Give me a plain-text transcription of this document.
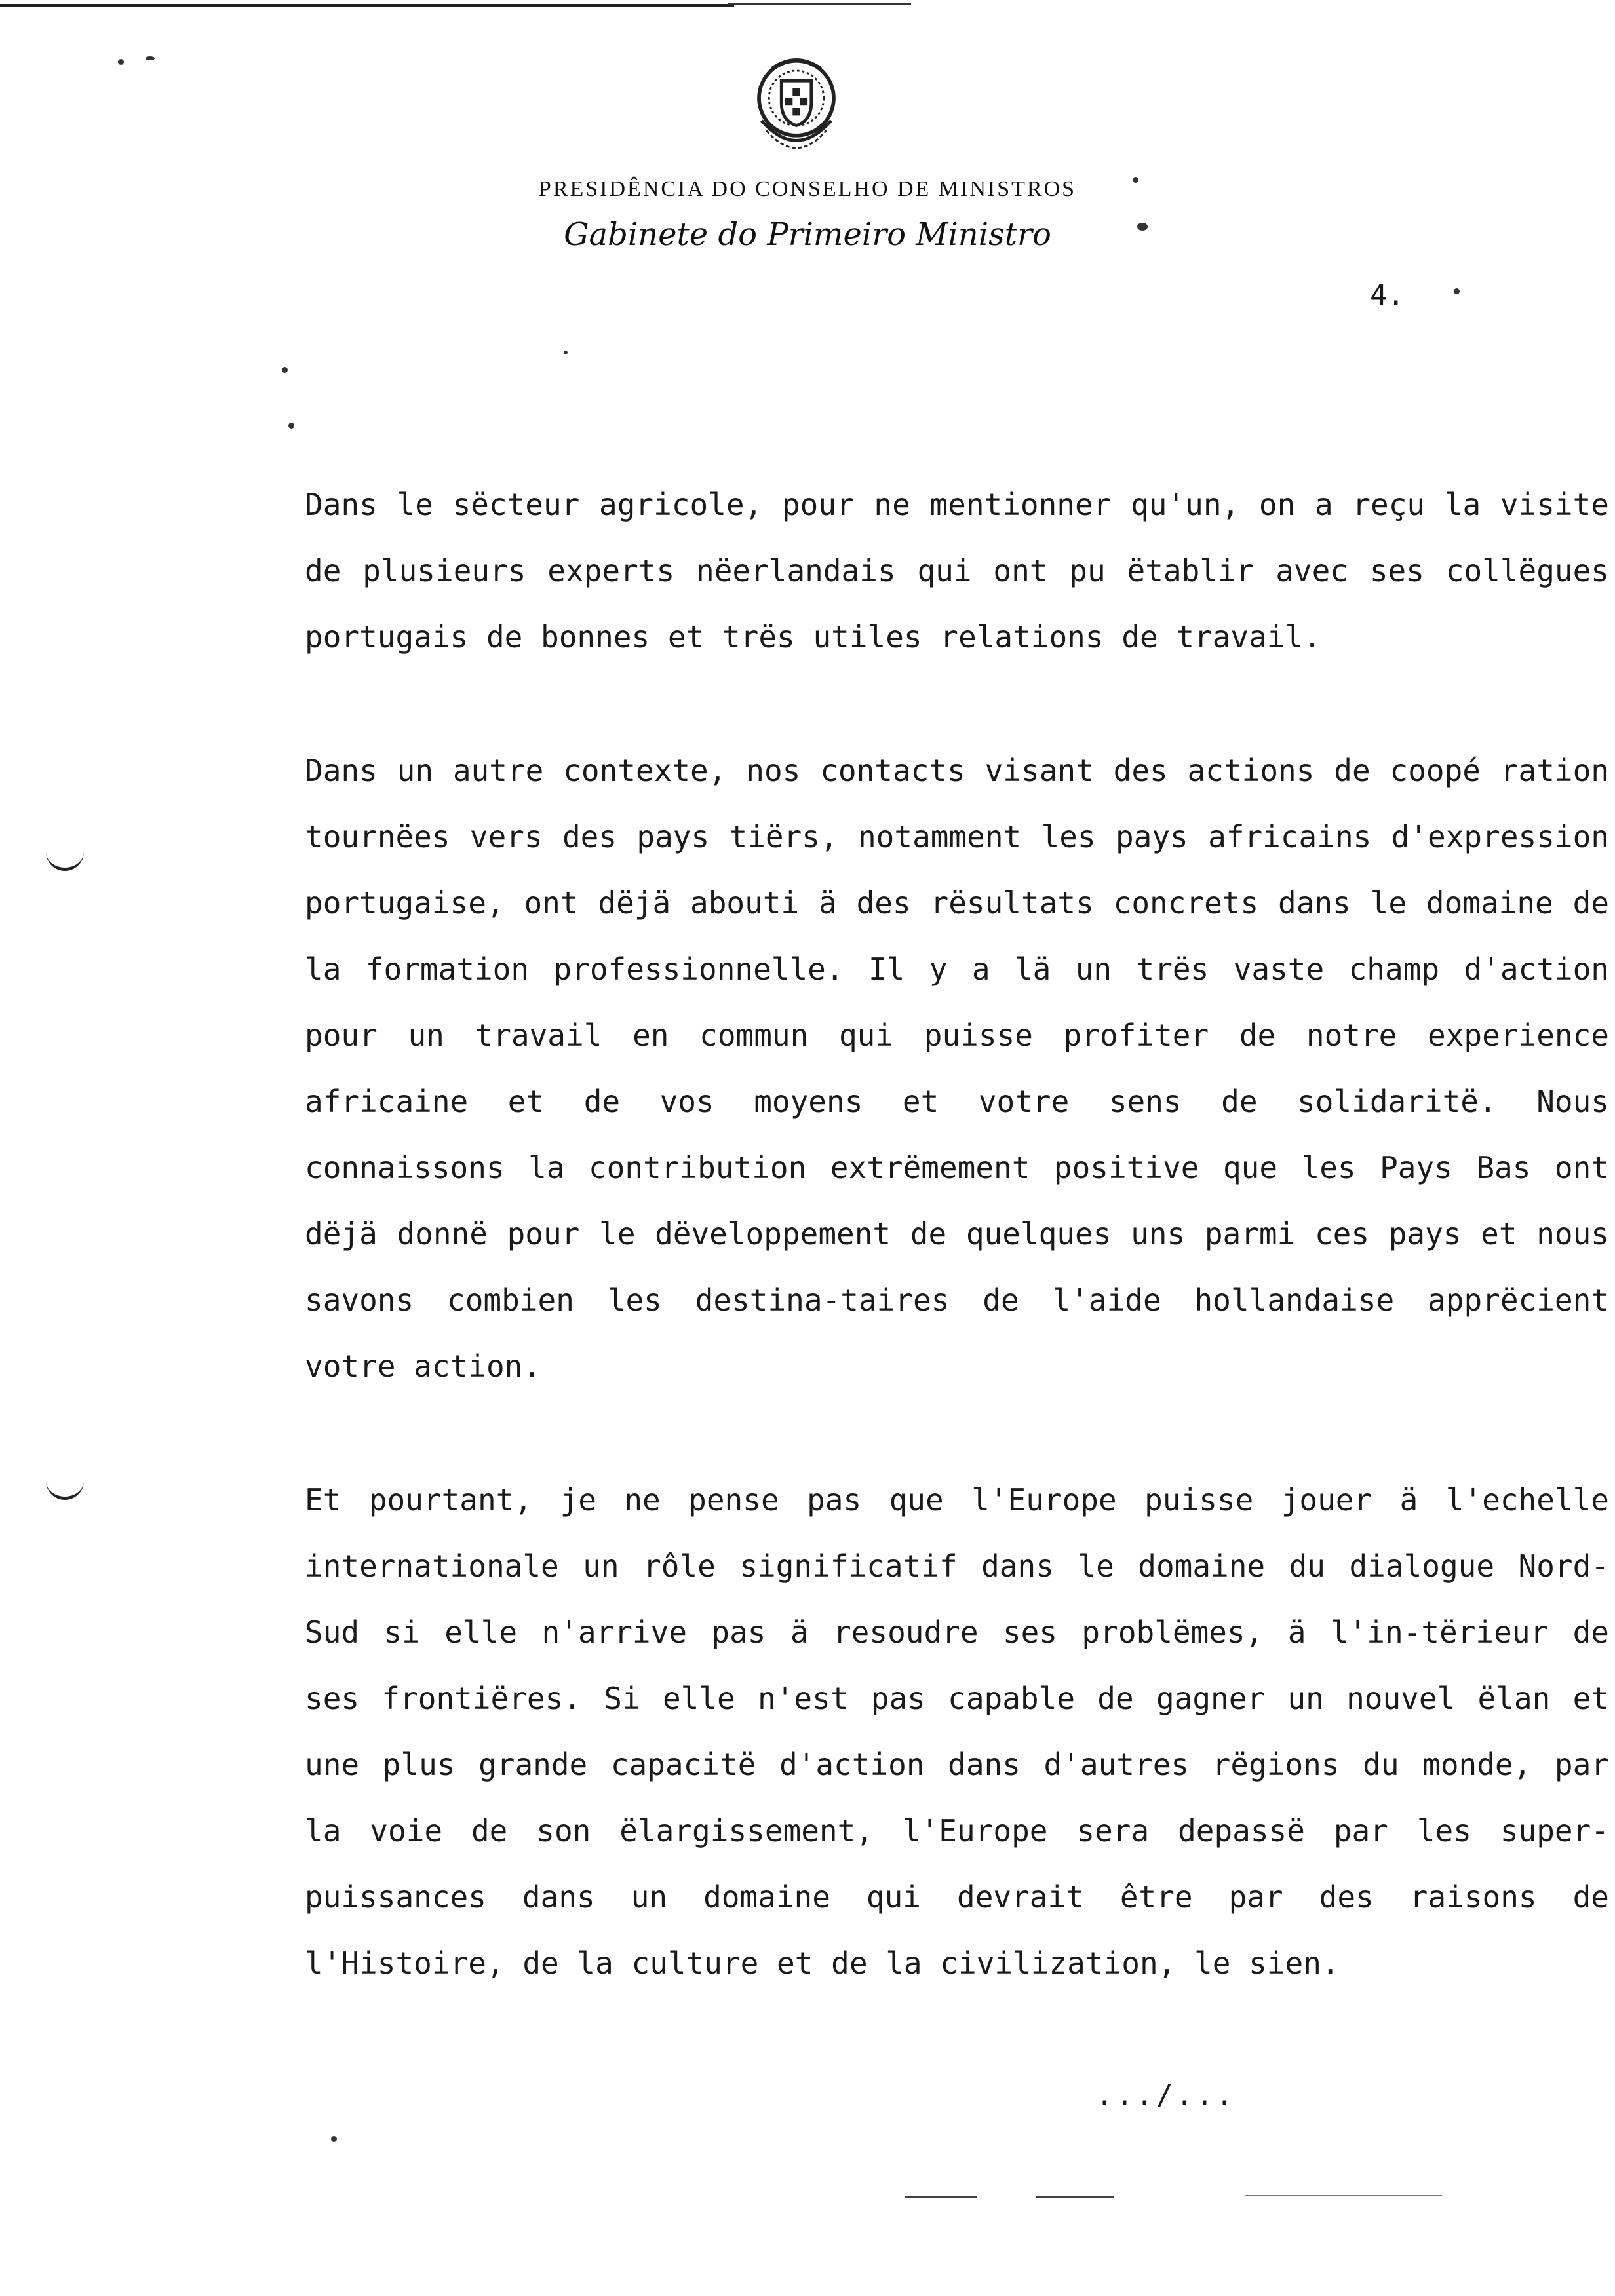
PRESIDÊNCIA DO CONSELHO DE MINISTROS
Gabinete do Primeiro Ministro
4.

Dans le sëcteur agricole, pour ne mentionner qu'un, on a reçu la visite de plusieurs experts nëerlandais qui ont pu ëtablir avec ses collëgues portugais de bonnes et trës utiles relations de travail.

Dans un autre contexte, nos contacts visant des actions de coopé ration tournëes vers des pays tiërs, notamment les pays africains d'expression portugaise, ont dëjä abouti ä des rësultats concrets dans le domaine de la formation professionnelle. Il y a lä un trës vaste champ d'action pour un travail en commun qui puisse profiter de notre experience africaine et de vos moyens et votre sens de solidaritë. Nous connaissons la contribution extrëmement positive que les Pays Bas ont dëjä donnë pour le dëveloppement de quelques uns parmi ces pays et nous savons combien les destina-taires de l'aide hollandaise apprëcient votre action.

Et pourtant, je ne pense pas que l'Europe puisse jouer ä l'echelle internationale un rôle significatif dans le domaine du dialogue Nord-Sud si elle n'arrive pas ä resoudre ses problëmes, ä l'in-tërieur de ses frontiëres. Si elle n'est pas capable de gagner un nouvel ëlan et une plus grande capacitë d'action dans d'autres rëgions du monde, par la voie de son ëlargissement, l'Europe sera depassë par les super-puissances dans un domaine qui devrait être par des raisons de l'Histoire, de la culture et de la civilization, le sien.

.../...
